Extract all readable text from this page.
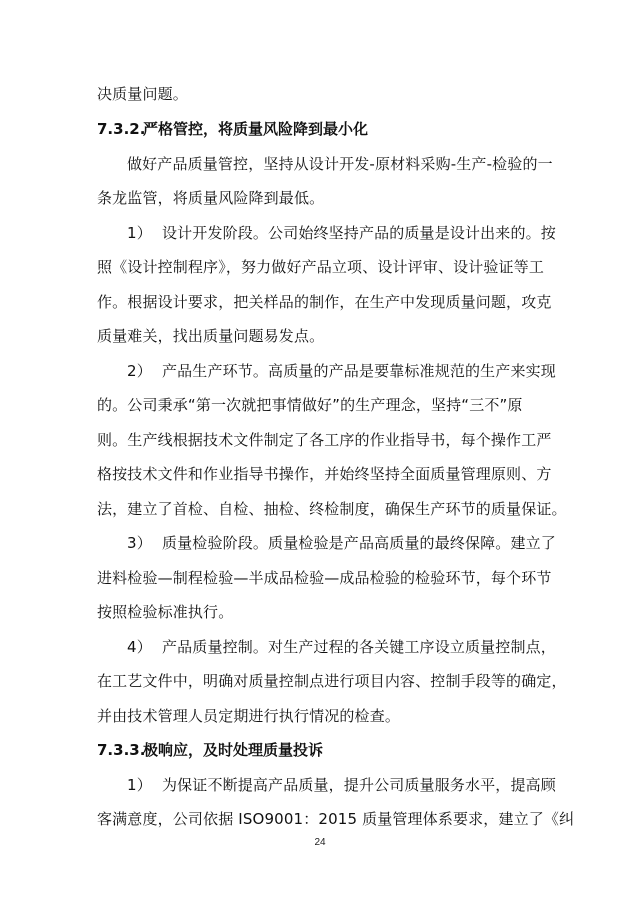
决质量问题。
7.3.2.
严格管控，将质量风险降到最小化
做好产品质量管控，坚持从设计开发-原材料采购-生产-检验的一
条龙监管，将质量风险降到最低。
1） 设计开发阶段。公司始终坚持产品的质量是设计出来的。按
照《设计控制程序》，努力做好产品立项、设计评审、设计验证等工
作。根据设计要求，把关样品的制作，在生产中发现质量问题，攻克
质量难关，找出质量问题易发点。
2） 产品生产环节。高质量的产品是要靠标准规范的生产来实现
的。公司秉承“第一次就把事情做好”的生产理念，坚持“三不”原
则。生产线根据技术文件制定了各工序的作业指导书，每个操作工严
格按技术文件和作业指导书操作，并始终坚持全面质量管理原则、方
法，建立了首检、自检、抽检、终检制度，确保生产环节的质量保证。
3） 质量检验阶段。质量检验是产品高质量的最终保障。建立了
进料检验—制程检验—半成品检验—成品检验的检验环节，每个环节
按照检验标准执行。
4） 产品质量控制。对生产过程的各关键工序设立质量控制点，
在工艺文件中，明确对质量控制点进行项目内容、控制手段等的确定，
并由技术管理人员定期进行执行情况的检查。
7.3.3.
极响应，及时处理质量投诉
1） 为保证不断提高产品质量，提升公司质量服务水平，提高顾
客满意度，公司依据 ISO9001：2015 质量管理体系要求，建立了《纠
24
